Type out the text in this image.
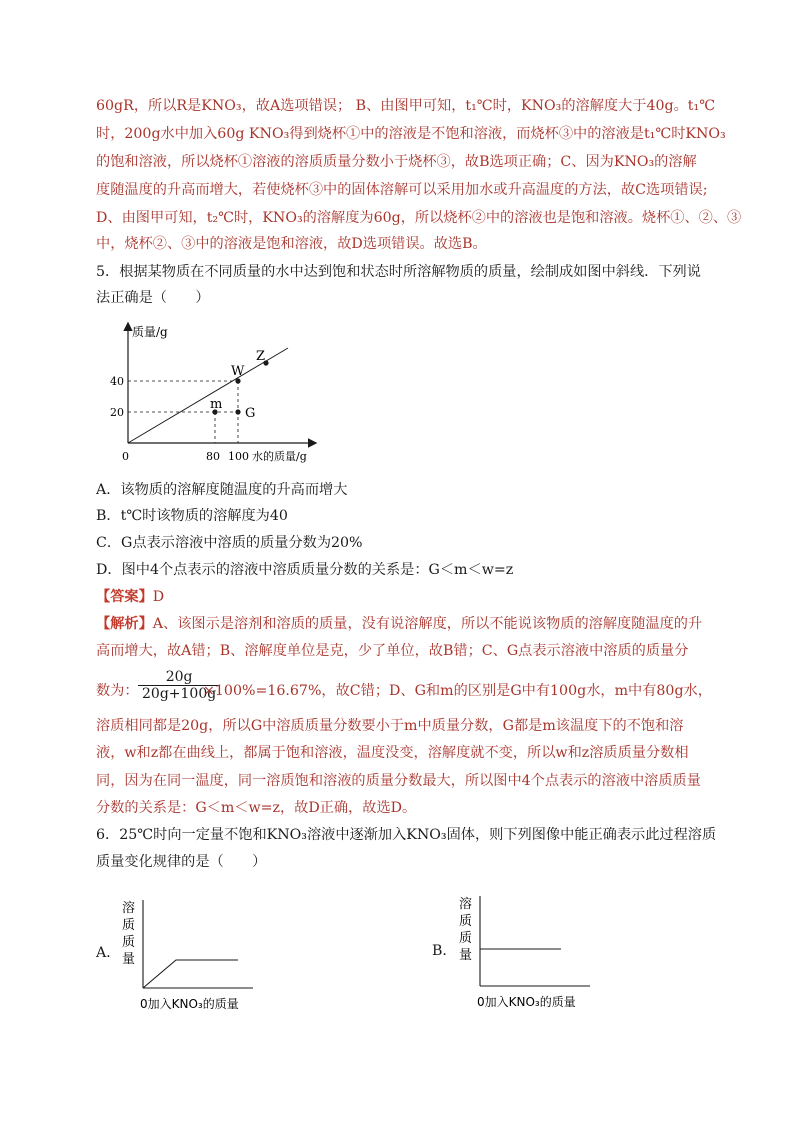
60gR，所以R是KNO₃，故A选项错误； B、由图甲可知，t₁℃时，KNO₃的溶解度大于40g。t₁℃
时，200g水中加入60g KNO₃得到烧杯①中的溶液是不饱和溶液，而烧杯③中的溶液是t₁℃时KNO₃
的饱和溶液，所以烧杯①溶液的溶质质量分数小于烧杯③，故B选项正确；C、因为KNO₃的溶解
度随温度的升高而增大，若使烧杯③中的固体溶解可以采用加水或升高温度的方法，故C选项错误;
D、由图甲可知，t₂℃时，KNO₃的溶解度为60g，所以烧杯②中的溶液也是饱和溶液。烧杯①、②、③
中，烧杯②、③中的溶液是饱和溶液，故D选项错误。故选B。
5．根据某物质在不同质量的水中达到饱和状态时所溶解物质的质量，绘制成如图中斜线．下列说
法正确是（　　）
质量/g
水的质量/g
0
40
20
80 100
W
Z
m
G
A．该物质的溶解度随温度的升高而增大
B．t℃时该物质的溶解度为40
C．G点表示溶液中溶质的质量分数为20%
D．图中4个点表示的溶液中溶质质量分数的关系是：G＜m＜w=z
【答案】D
【解析】A、该图示是溶剂和溶质的质量，没有说溶解度，所以不能说该物质的溶解度随温度的升
高而增大，故A错；B、溶解度单位是克，少了单位，故B错；C、G点表示溶液中溶质的质量分
数为： $\frac{20g}{20g+100g}$
×100%=16.67%，故C错；D、G和m的区别是G中有100g水，m中有80g水，
溶质相同都是20g，所以G中溶质质量分数要小于m中质量分数，G都是m该温度下的不饱和溶
液，w和z都在曲线上，都属于饱和溶液，温度没变，溶解度就不变，所以w和z溶质质量分数相
同，因为在同一温度，同一溶质饱和溶液的质量分数最大，所以图中4个点表示的溶液中溶质质量
分数的关系是：G＜m＜w=z，故D正确，故选D。
6．25℃时向一定量不饱和KNO₃溶液中逐渐加入KNO₃固体，则下列图像中能正确表示此过程溶质
质量变化规律的是（　　）
A．
溶
质
质
量
0加入KNO₃的质量
B．
溶
质
质
量
0加入KNO₃的质量
